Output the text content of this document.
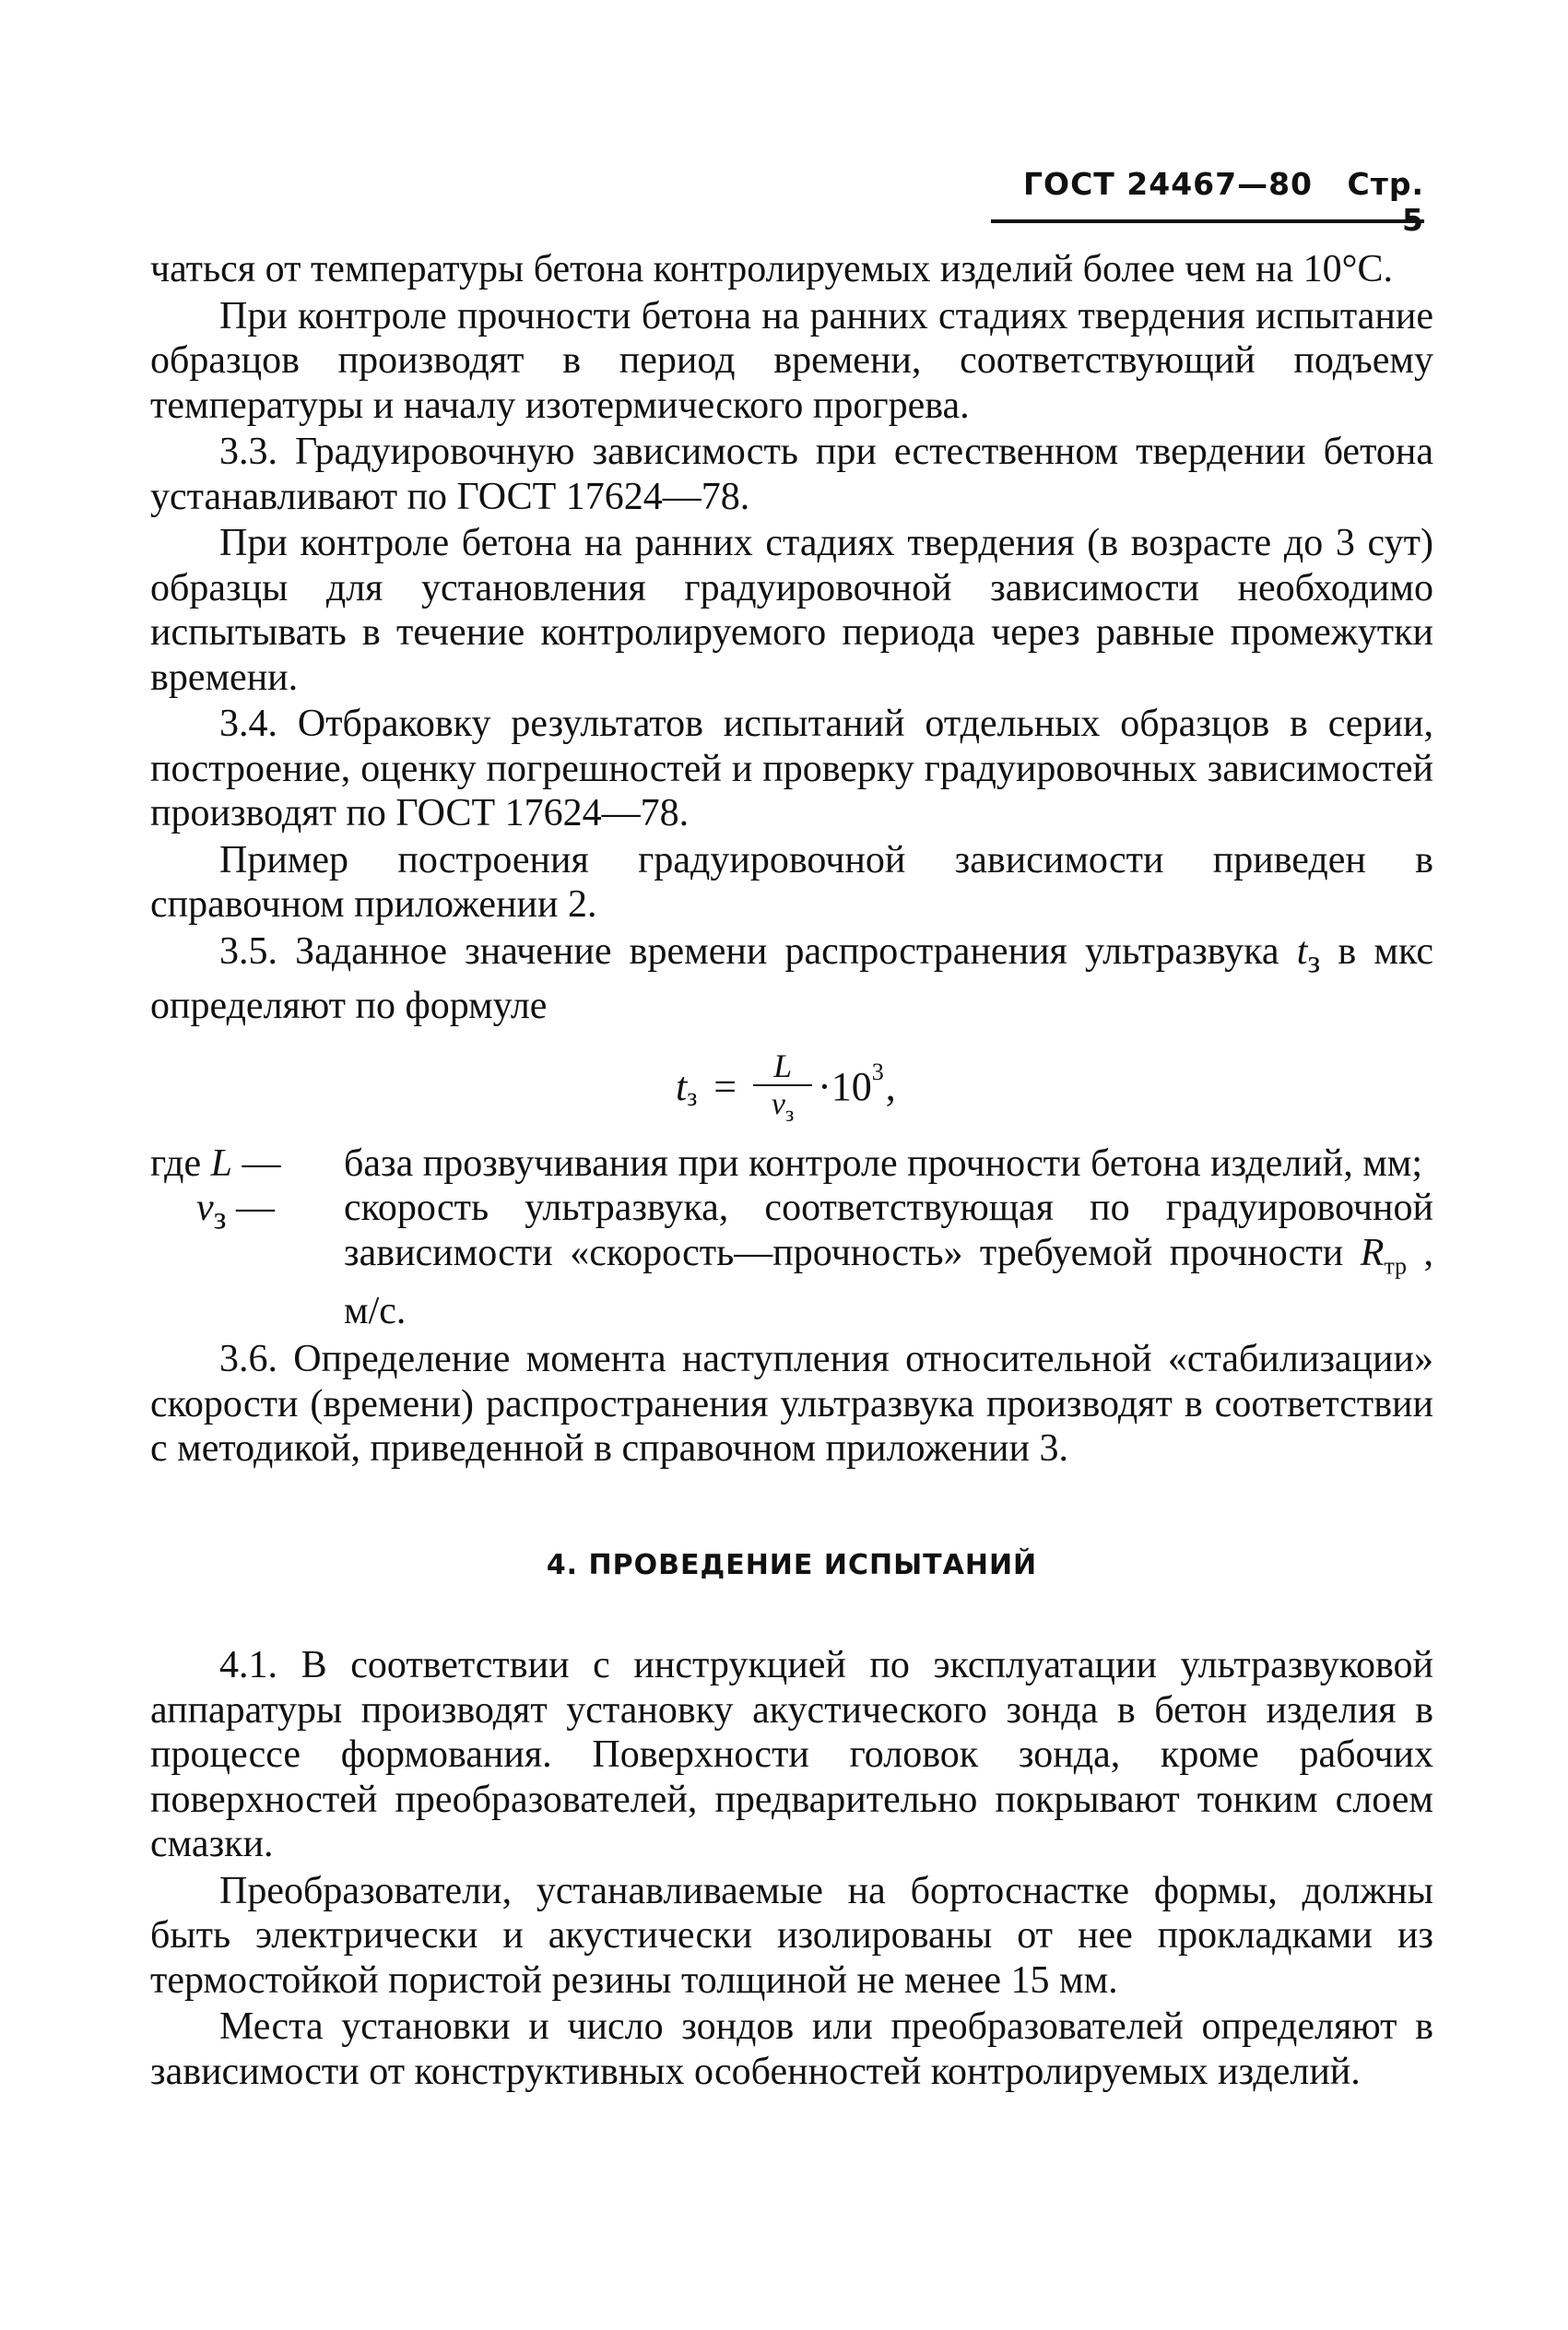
ГОСТ 24467—80 Стр. 5

чаться от температуры бетона контролируемых изделий более чем на 10°С.

При контроле прочности бетона на ранних стадиях твердения испытание образцов производят в период времени, соответствующий подъему температуры и началу изотермического прогрева.

3.3. Градуировочную зависимость при естественном твердении бетона устанавливают по ГОСТ 17624—78.

При контроле бетона на ранних стадиях твердения (в возрасте до 3 сут) образцы для установления градуировочной зависимости необходимо испытывать в течение контролируемого периода через равные промежутки времени.

3.4. Отбраковку результатов испытаний отдельных образцов в серии, построение, оценку погрешностей и проверку градуировочных зависимостей производят по ГОСТ 17624—78.

Пример построения градуировочной зависимости приведен в справочном приложении 2.

3.5. Заданное значение времени распространения ультразвука $t_з$ в мкс определяют по формуле

t $з = \frac{L}{v_з} \cdot 10$ 3 ,
где L —	база прозвучивания при контроле прочности бетона изделий, мм;
$v_з$ —	скорость ультразвука, соответствующая по градуировочной зависимости «скорость—прочность» требуемой прочности $R_{тр}$ , м/с.

3.6. Определение момента наступления относительной «стабилизации» скорости (времени) распространения ультразвука производят в соответствии с методикой, приведенной в справочном приложении 3.

4. ПРОВЕДЕНИЕ ИСПЫТАНИЙ

4.1. В соответствии с инструкцией по эксплуатации ультразвуковой аппаратуры производят установку акустического зонда в бетон изделия в процессе формования. Поверхности головок зонда, кроме рабочих поверхностей преобразователей, предварительно покрывают тонким слоем смазки.

Преобразователи, устанавливаемые на бортоснастке формы, должны быть электрически и акустически изолированы от нее прокладками из термостойкой пористой резины толщиной не менее 15 мм.

Места установки и число зондов или преобразователей определяют в зависимости от конструктивных особенностей контролируемых изделий.
